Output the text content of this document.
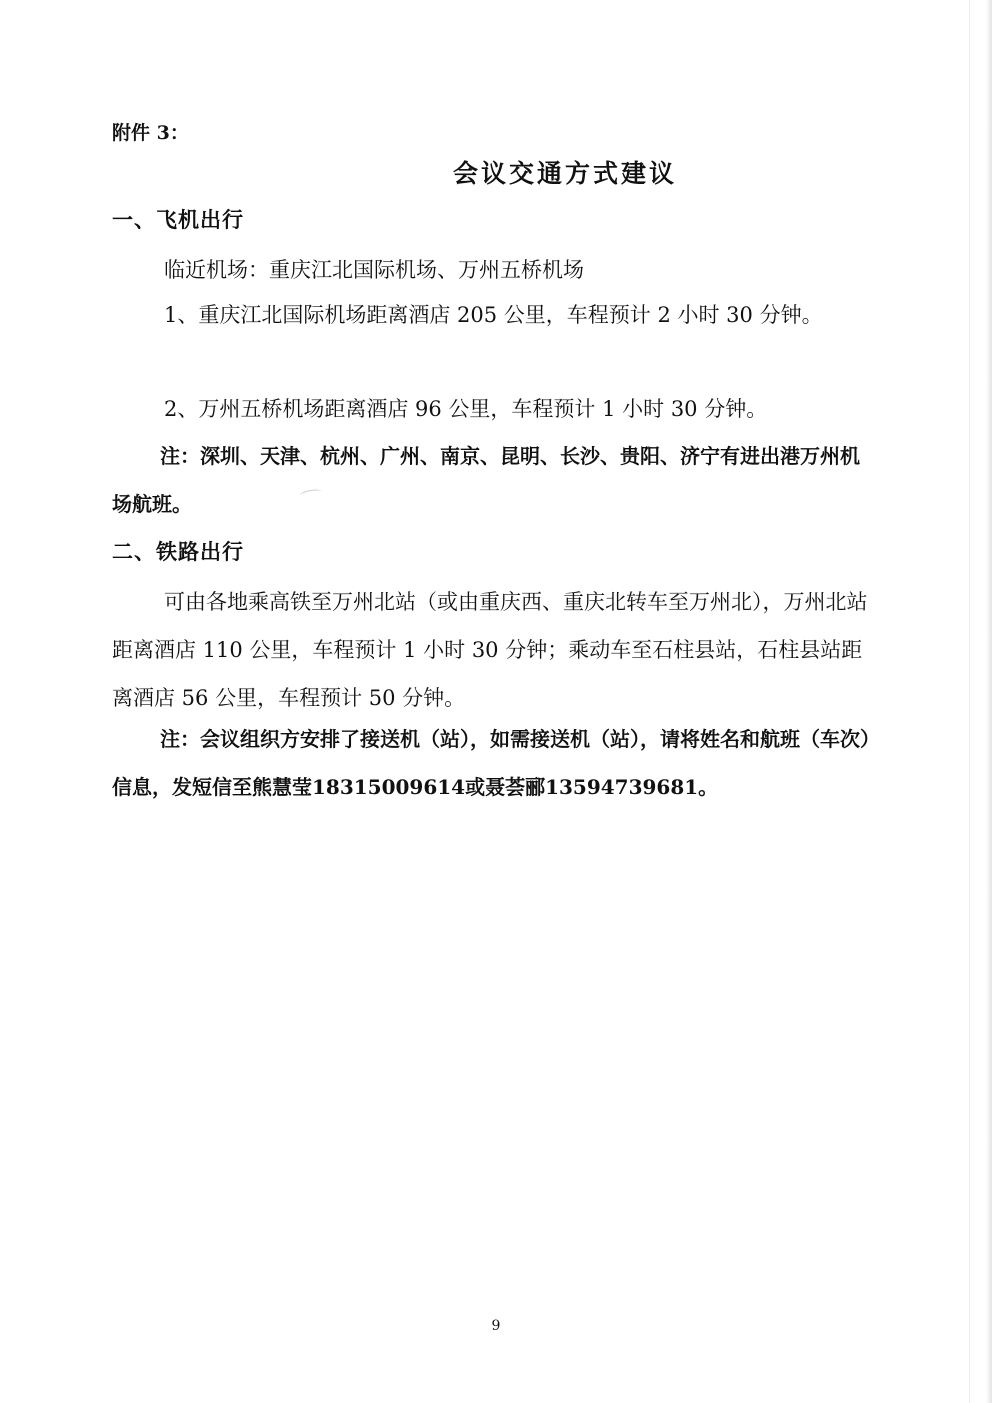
附件 3：
会议交通方式建议
一、飞机出行
临近机场：重庆江北国际机场、万州五桥机场
1、重庆江北国际机场距离酒店 205 公里，车程预计 2 小时 30 分钟。
2、万州五桥机场距离酒店 96 公里，车程预计 1 小时 30 分钟。
注：深圳、天津、杭州、广州、南京、昆明、长沙、贵阳、济宁有进出港万州机场航班。
二、铁路出行
可由各地乘高铁至万州北站（或由重庆西、重庆北转车至万州北），万州北站距离酒店 110 公里，车程预计 1 小时 30 分钟；乘动车至石柱县站，石柱县站距离酒店 56 公里，车程预计 50 分钟。
注：会议组织方安排了接送机（站），如需接送机（站），请将姓名和航班（车次）信息，发短信至熊慧莹18315009614或聂荟郦13594739681。
9
